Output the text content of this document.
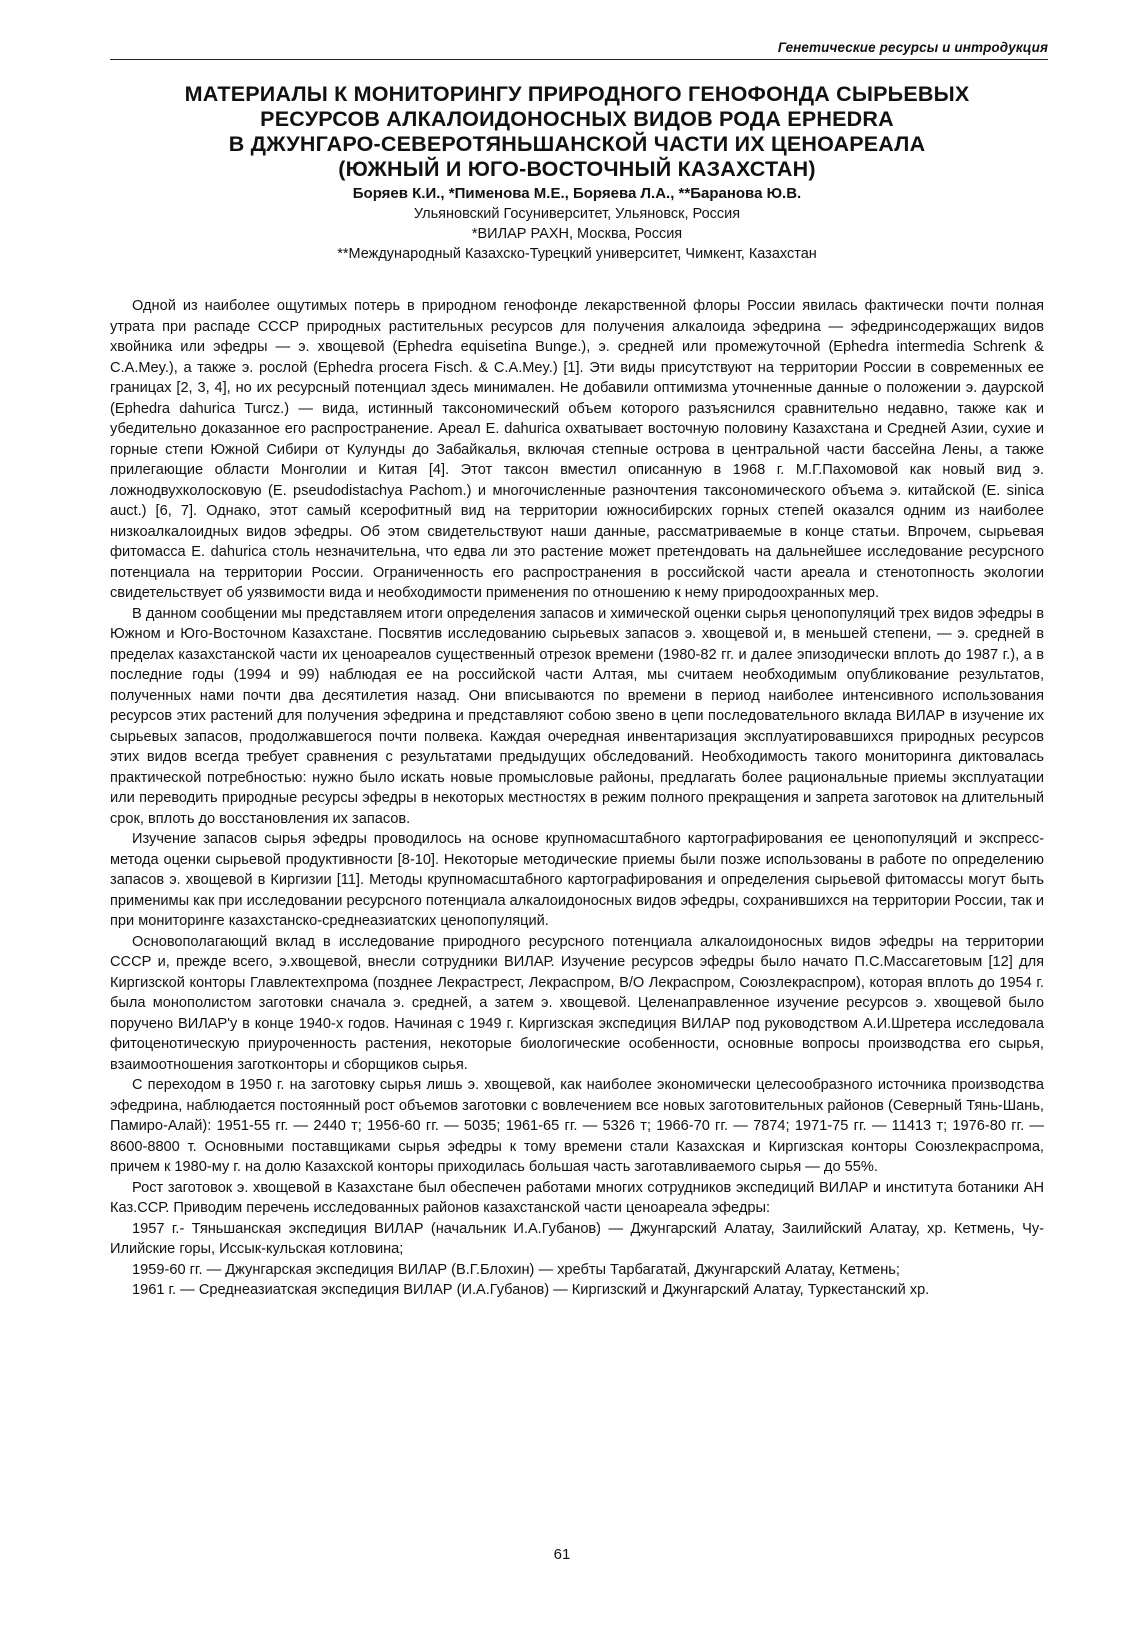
Генетические ресурсы и интродукция
МАТЕРИАЛЫ К МОНИТОРИНГУ ПРИРОДНОГО ГЕНОФОНДА СЫРЬЕВЫХ
РЕСУРСОВ АЛКАЛОИДОНОСНЫХ ВИДОВ РОДА EPHEDRA
В ДЖУНГАРО-СЕВЕРОТЯНЬШАНСКОЙ ЧАСТИ ИХ ЦЕНОАРЕАЛА
(ЮЖНЫЙ И ЮГО-ВОСТОЧНЫЙ КАЗАХСТАН)
Боряев К.И., *Пименова М.Е., Боряева Л.А., **Баранова Ю.В.
Ульяновский Госуниверситет, Ульяновск, Россия
*ВИЛАР РАХН, Москва, Россия
**Международный Казахско-Турецкий университет, Чимкент, Казахстан

Одной из наиболее ощутимых потерь в природном генофонде лекарственной флоры России явилась фактически почти полная утрата при распаде СССР природных растительных ресурсов для получения алкалоида эфедрина — эфедринсодержащих видов хвойника или эфедры — э. хвощевой (Ephedra equisetina Bunge.), э. средней или промежуточной (Ephedra intermedia Schrenk & C.A.Mey.), а также э. рослой (Ephedra procera Fisch. & C.A.Mey.) [1]. Эти виды присутствуют на территории России в современных ее границах [2, 3, 4], но их ресурсный потенциал здесь минимален. Не добавили оптимизма уточненные данные о положении э. даурской (Ephedra dahurica Turcz.) — вида, истинный таксономический объем которого разъяснился сравнительно недавно, также как и убедительно доказанное его распространение. Ареал E. dahurica охватывает восточную половину Казахстана и Средней Азии, сухие и горные степи Южной Сибири от Кулунды до Забайкалья, включая степные острова в центральной части бассейна Лены, а также прилегающие области Монголии и Китая [4]. Этот таксон вместил описанную в 1968 г. М.Г.Пахомовой как новый вид э. ложнодвухколосковую (E. pseudodistachya Pachom.) и многочисленные разночтения таксономического объема э. китайской (E. sinica auct.) [6, 7]. Однако, этот самый ксерофитный вид на территории южносибирских горных степей оказался одним из наиболее низкоалкалоидных видов эфедры. Об этом свидетельствуют наши данные, рассматриваемые в конце статьи. Впрочем, сырьевая фитомасса E. dahurica столь незначительна, что едва ли это растение может претендовать на дальнейшее исследование ресурсного потенциала на территории России. Ограниченность его распространения в российской части ареала и стенотопность экологии свидетельствует об уязвимости вида и необходимости применения по отношению к нему природоохранных мер.

В данном сообщении мы представляем итоги определения запасов и химической оценки сырья ценопопуляций трех видов эфедры в Южном и Юго-Восточном Казахстане. Посвятив исследованию сырьевых запасов э. хвощевой и, в меньшей степени, — э. средней в пределах казахстанской части их ценоареалов существенный отрезок времени (1980-82 гг. и далее эпизодически вплоть до 1987 г.), а в последние годы (1994 и 99) наблюдая ее на российской части Алтая, мы считаем необходимым опубликование результатов, полученных нами почти два десятилетия назад. Они вписываются по времени в период наиболее интенсивного использования ресурсов этих растений для получения эфедрина и представляют собою звено в цепи последовательного вклада ВИЛАР в изучение их сырьевых запасов, продолжавшегося почти полвека. Каждая очередная инвентаризация эксплуатировавшихся природных ресурсов этих видов всегда требует сравнения с результатами предыдущих обследований. Необходимость такого мониторинга диктовалась практической потребностью: нужно было искать новые промысловые районы, предлагать более рациональные приемы эксплуатации или переводить природные ресурсы эфедры в некоторых местностях в режим полного прекращения и запрета заготовок на длительный срок, вплоть до восстановления их запасов.

Изучение запасов сырья эфедры проводилось на основе крупномасштабного картографирования ее ценопопуляций и экспресс-метода оценки сырьевой продуктивности [8-10]. Некоторые методические приемы были позже использованы в работе по определению запасов э. хвощевой в Киргизии [11]. Методы крупномасштабного картографирования и определения сырьевой фитомассы могут быть применимы как при исследовании ресурсного потенциала алкалоидоносных видов эфедры, сохранившихся на территории России, так и при мониторинге казахстанско-среднеазиатских ценопопуляций.

Основополагающий вклад в исследование природного ресурсного потенциала алкалоидоносных видов эфедры на территории СССР и, прежде всего, э.хвощевой, внесли сотрудники ВИЛАР. Изучение ресурсов эфедры было начато П.С.Массагетовым [12] для Киргизской конторы Главлектехпрома (позднее Лекрастрест, Лекраспром, В/О Лекраспром, Союзлекраспром), которая вплоть до 1954 г. была монополистом заготовки сначала э. средней, а затем э. хвощевой. Целенаправленное изучение ресурсов э. хвощевой было поручено ВИЛАР'у в конце 1940-х годов. Начиная с 1949 г. Киргизская экспедиция ВИЛАР под руководством А.И.Шретера исследовала фитоценотическую приуроченность растения, некоторые биологические особенности, основные вопросы производства его сырья, взаимоотношения заготконторы и сборщиков сырья.

С переходом в 1950 г. на заготовку сырья лишь э. хвощевой, как наиболее экономически целесообразного источника производства эфедрина, наблюдается постоянный рост объемов заготовки с вовлечением все новых заготовительных районов (Северный Тянь-Шань, Памиро-Алай): 1951-55 гг. — 2440 т; 1956-60 гг. — 5035; 1961-65 гг. — 5326 т; 1966-70 гг. — 7874; 1971-75 гг. — 11413 т; 1976-80 гг. — 8600-8800 т. Основными поставщиками сырья эфедры к тому времени стали Казахская и Киргизская конторы Союзлекраспрома, причем к 1980-му г. на долю Казахской конторы приходилась большая часть заготавливаемого сырья — до 55%.

Рост заготовок э. хвощевой в Казахстане был обеспечен работами многих сотрудников экспедиций ВИЛАР и института ботаники АН Каз.ССР. Приводим перечень исследованных районов казахстанской части ценоареала эфедры:

1957 г.- Тяньшанская экспедиция ВИЛАР (начальник И.А.Губанов) — Джунгарский Алатау, Заилийский Алатау, хр. Кетмень, Чу-Илийские горы, Иссык-кульская котловина;

1959-60 гг. — Джунгарская экспедиция ВИЛАР (В.Г.Блохин) — хребты Тарбагатай, Джунгарский Алатау, Кетмень;

1961 г. — Среднеазиатская экспедиция ВИЛАР (И.А.Губанов) — Киргизский и Джунгарский Алатау, Туркестанский хр.

61
